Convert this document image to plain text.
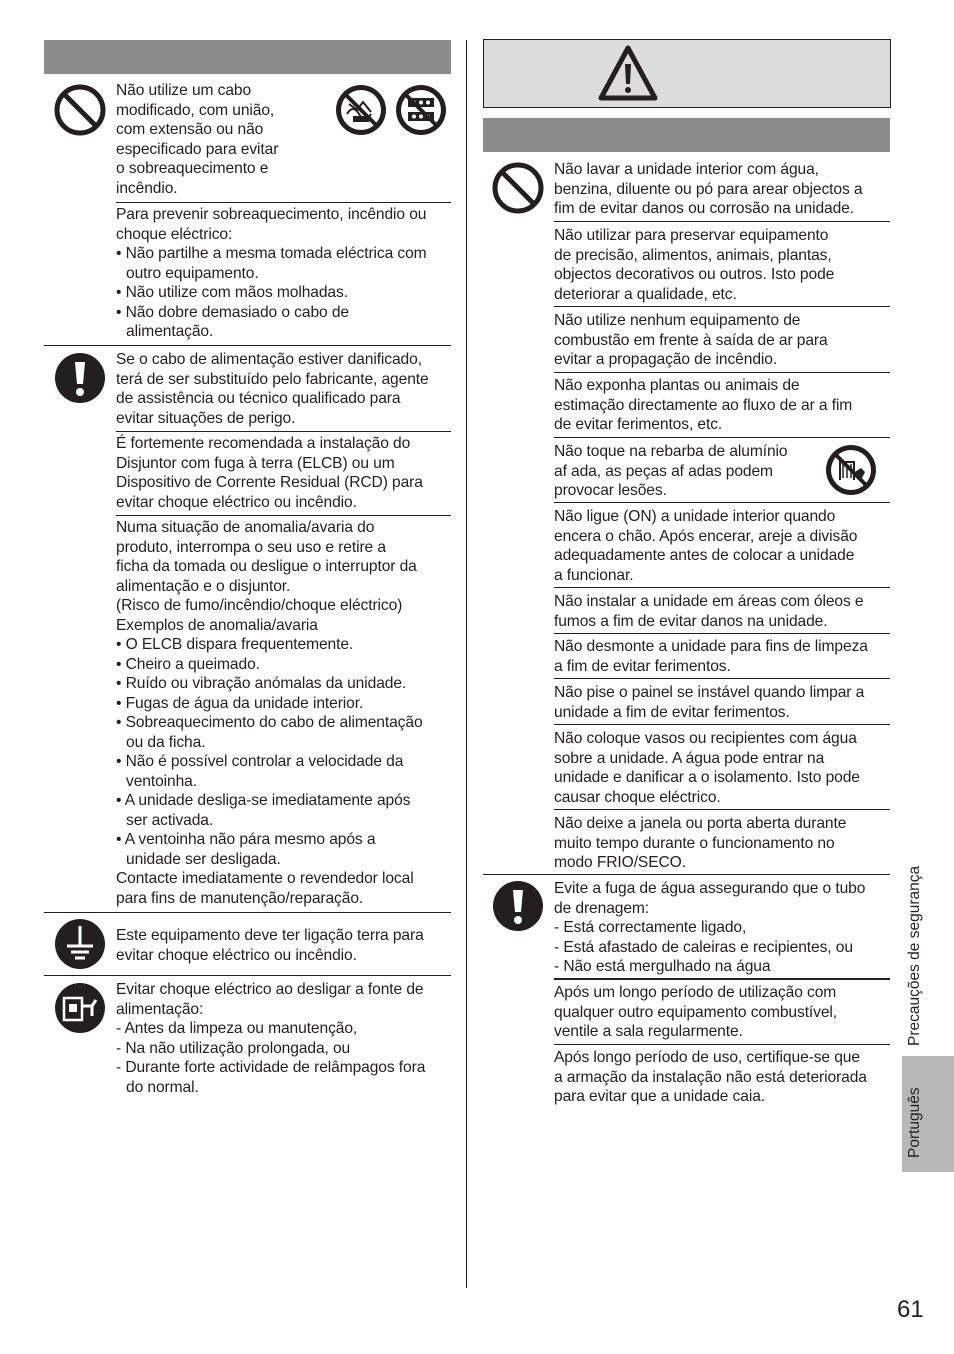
Não utilize um cabo

modificado, com união,

com extensão ou não

especificado para evitar

o sobreaquecimento e

incêndio.

Para prevenir sobreaquecimento, incêndio ou

choque eléctrico:

• Não partilhe a mesma tomada eléctrica com

outro equipamento.

• Não utilize com mãos molhadas.

• Não dobre demasiado o cabo de

alimentação.

Se o cabo de alimentação estiver danificado,

terá de ser substituído pelo fabricante, agente

de assistência ou técnico qualificado para

evitar situações de perigo.

É fortemente recomendada a instalação do

Disjuntor com fuga à terra (ELCB) ou um

Dispositivo de Corrente Residual (RCD) para

evitar choque eléctrico ou incêndio.

Numa situação de anomalia/avaria do

produto, interrompa o seu uso e retire a

ficha da tomada ou desligue o interruptor da

alimentação e o disjuntor.

(Risco de fumo/incêndio/choque eléctrico)

Exemplos de anomalia/avaria

• O ELCB dispara frequentemente.

• Cheiro a queimado.

• Ruído ou vibração anómalas da unidade.

• Fugas de água da unidade interior.

• Sobreaquecimento do cabo de alimentação

ou da ficha.

• Não é possível controlar a velocidade da

ventoinha.

• A unidade desliga-se imediatamente após

ser activada.

• A ventoinha não pára mesmo após a

unidade ser desligada.

Contacte imediatamente o revendedor local

para fins de manutenção/reparação.

Este equipamento deve ter ligação terra para

evitar choque eléctrico ou incêndio.

Evitar choque eléctrico ao desligar a fonte de

alimentação:

- Antes da limpeza ou manutenção,

- Na não utilização prolongada, ou

- Durante forte actividade de relâmpagos fora

do normal.

Não lavar a unidade interior com água,

benzina, diluente ou pó para arear objectos a

fim de evitar danos ou corrosão na unidade.

Não utilizar para preservar equipamento

de precisão, alimentos, animais, plantas,

objectos decorativos ou outros. Isto pode

deteriorar a qualidade, etc.

Não utilize nenhum equipamento de

combustão em frente à saída de ar para

evitar a propagação de incêndio.

Não exponha plantas ou animais de

estimação directamente ao fluxo de ar a fim

de evitar ferimentos, etc.

Não toque na rebarba de alumínio

af ada, as peças af adas podem

provocar lesões.

Não ligue (ON) a unidade interior quando

encera o chão. Após encerar, areje a divisão

adequadamente antes de colocar a unidade

a funcionar.

Não instalar a unidade em áreas com óleos e

fumos a fim de evitar danos na unidade.

Não desmonte a unidade para fins de limpeza

a fim de evitar ferimentos.

Não pise o painel se instável quando limpar a

unidade a fim de evitar ferimentos.

Não coloque vasos ou recipientes com água

sobre a unidade. A água pode entrar na

unidade e danificar a o isolamento. Isto pode

causar choque eléctrico.

Não deixe a janela ou porta aberta durante

muito tempo durante o funcionamento no

modo FRIO/SECO.

Evite a fuga de água assegurando que o tubo

de drenagem:

- Está correctamente ligado,

- Está afastado de caleiras e recipientes, ou

- Não está mergulhado na água

Após um longo período de utilização com

qualquer outro equipamento combustível,

ventile a sala regularmente.

Após longo período de uso, certifique-se que

a armação da instalação não está deteriorada

para evitar que a unidade caia.

Precauções de segurança
Português
61
